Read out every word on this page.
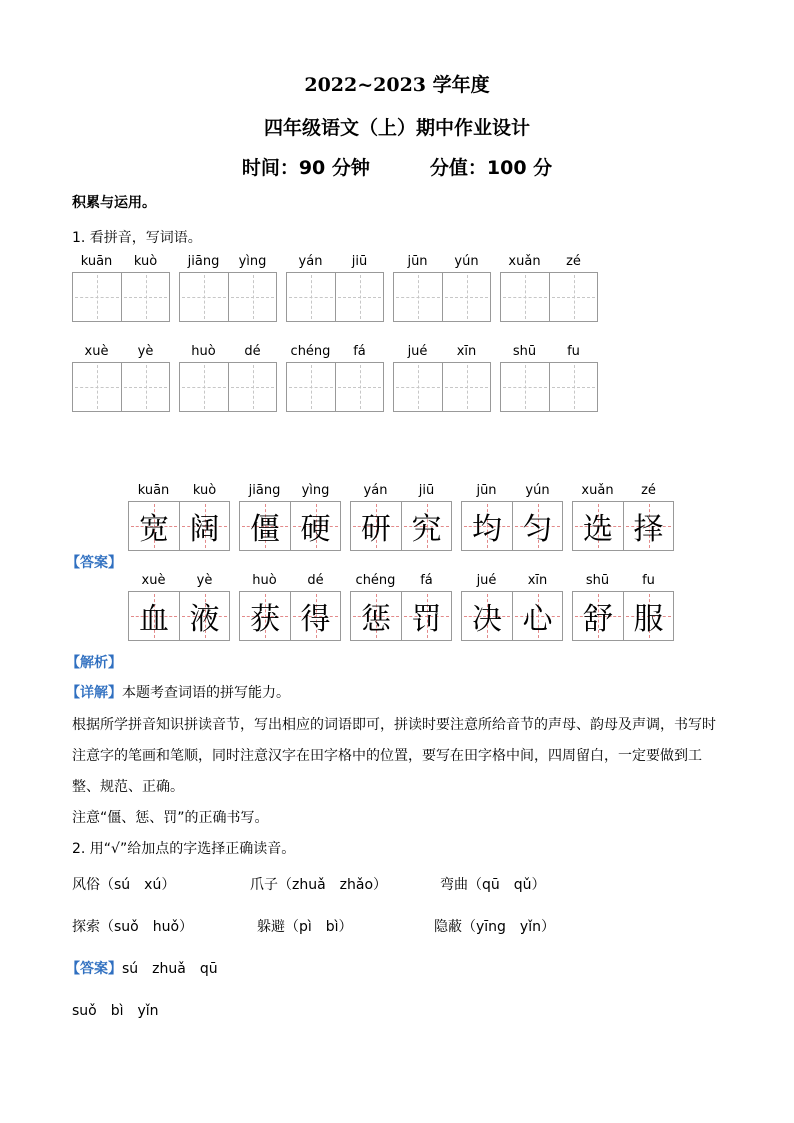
2022~2023 学年度
四年级语文（上）期中作业设计
时间：90 分钟	分值：100 分
积累与运用。
1. 看拼音，写词语。
kuān	kuò	jiāng	yìng	yán	jiū	jūn	yún	xuǎn	zé
xuè	yè	huò	dé	chéng	fá	jué	xīn	shū	fu
kuān	kuò
宽 阔
jiāng	yìng
僵 硬
yán	jiū
研 究
jūn	yún
均 匀
xuǎn	zé
选 择
xuè	yè
血 液
huò	dé
获 得
chéng	fá
惩 罚
jué	xīn
决 心
shū	fu
舒 服
【答案】
【解析】
【详解】本题考查词语的拼写能力。
根据所学拼音知识拼读音节，写出相应的词语即可，拼读时要注意所给音节的声母、韵母及声调，书写时
注意字的笔画和笔顺，同时注意汉字在田字格中的位置，要写在田字格中间，四周留白，一定要做到工
整、规范、正确。
注意“僵、惩、罚”的正确书写。
2. 用“√”给加点的字选择正确读音。
风俗（sú　xú）	爪子（zhuǎ　zhǎo）	弯曲（qū　qǔ）
探索（suǒ　huǒ）	躲避（pì　bì）	隐蔽（yīng　yǐn）
【答案】sú　zhuǎ　qū
suǒ　bì　yǐn
